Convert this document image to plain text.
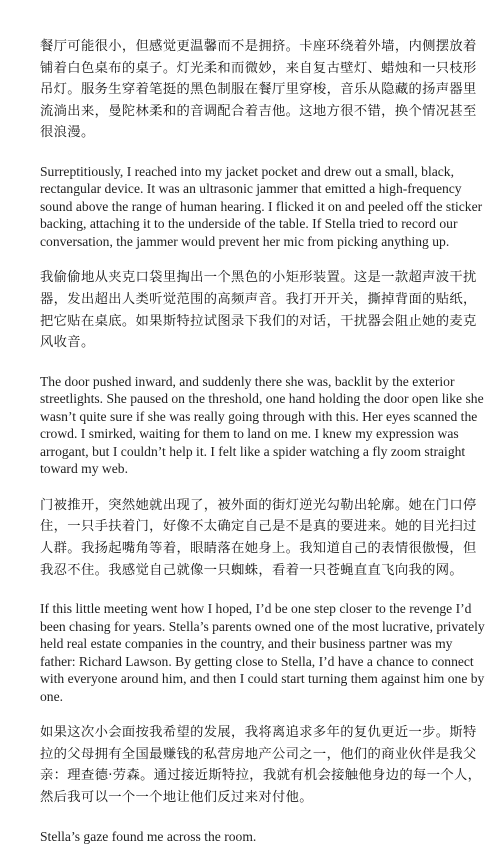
餐厅可能很小，但感觉更温馨而不是拥挤。卡座环绕着外墙，内侧摆放着铺着白色桌布的桌子。灯光柔和而微妙，来自复古壁灯、蜡烛和一只枝形吊灯。服务生穿着笔挺的黑色制服在餐厅里穿梭，音乐从隐藏的扬声器里流淌出来，曼陀林柔和的音调配合着吉他。这地方很不错，换个情况甚至很浪漫。

Surreptitiously, I reached into my jacket pocket and drew out a small, black, rectangular device. It was an ultrasonic jammer that emitted a high-frequency sound above the range of human hearing. I flicked it on and peeled off the sticker backing, attaching it to the underside of the table. If Stella tried to record our conversation, the jammer would prevent her mic from picking anything up.

我偷偷地从夹克口袋里掏出一个黑色的小矩形装置。这是一款超声波干扰器，发出超出人类听觉范围的高频声音。我打开开关，撕掉背面的贴纸，把它贴在桌底。如果斯特拉试图录下我们的对话，干扰器会阻止她的麦克风收音。

The door pushed inward, and suddenly there she was, backlit by the exterior streetlights. She paused on the threshold, one hand holding the door open like she wasn’t quite sure if she was really going through with this. Her eyes scanned the crowd. I smirked, waiting for them to land on me. I knew my expression was arrogant, but I couldn’t help it. I felt like a spider watching a fly zoom straight toward my web.

门被推开，突然她就出现了，被外面的街灯逆光勾勒出轮廓。她在门口停住，一只手扶着门，好像不太确定自己是不是真的要进来。她的目光扫过人群。我扬起嘴角等着，眼睛落在她身上。我知道自己的表情很傲慢，但我忍不住。我感觉自己就像一只蜘蛛，看着一只苍蝇直直飞向我的网。

If this little meeting went how I hoped, I’d be one step closer to the revenge I’d been chasing for years. Stella’s parents owned one of the most lucrative, privately held real estate companies in the country, and their business partner was my father: Richard Lawson. By getting close to Stella, I’d have a chance to connect with everyone around him, and then I could start turning them against him one by one.

如果这次小会面按我希望的发展，我将离追求多年的复仇更近一步。斯特拉的父母拥有全国最赚钱的私营房地产公司之一，他们的商业伙伴是我父亲：理查德·劳森。通过接近斯特拉，我就有机会接触他身边的每一个人，然后我可以一个一个地让他们反过来对付他。

Stella’s gaze found me across the room.
